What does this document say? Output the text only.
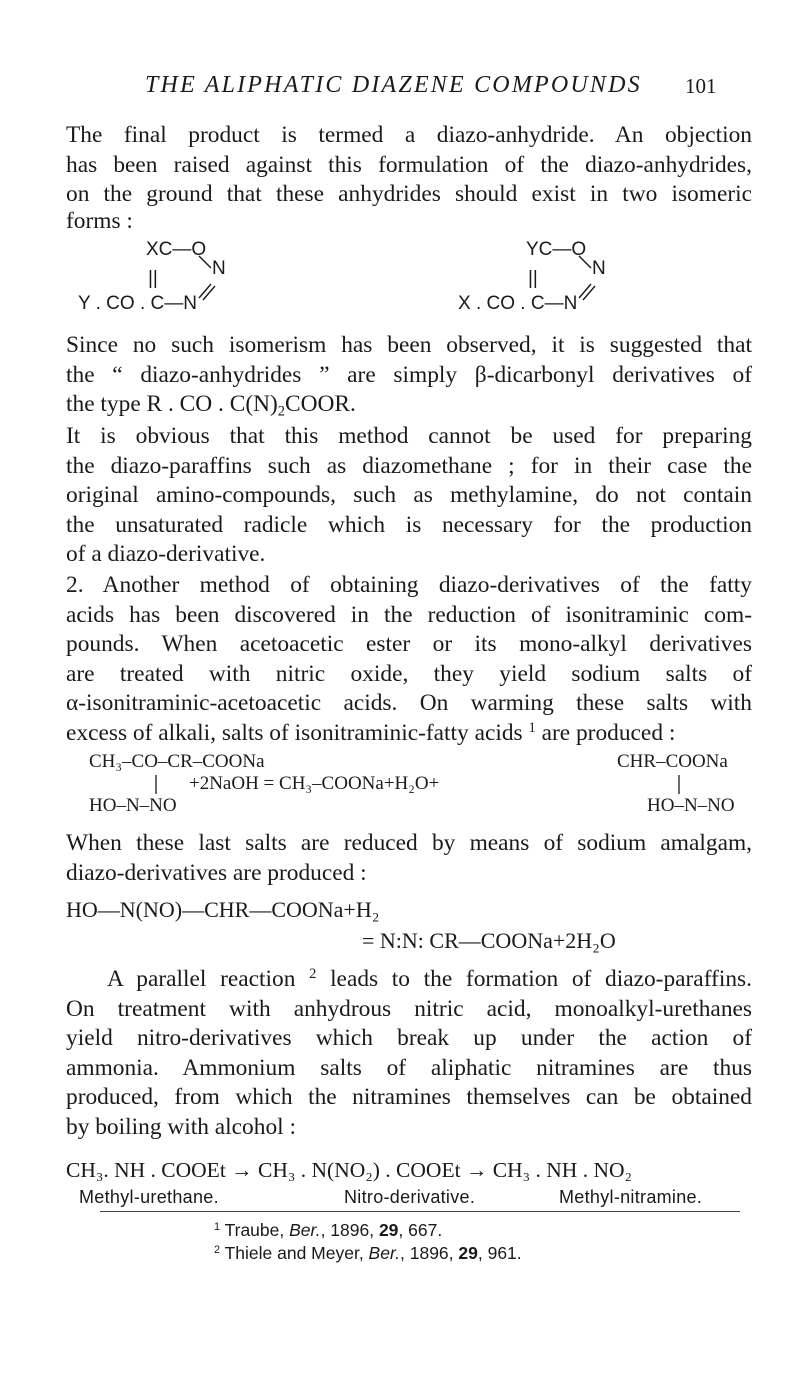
THE ALIPHATIC DIAZENE COMPOUNDS 101
The final product is termed a diazo-anhydride. An objection
has been raised against this formulation of the diazo-anhydrides,
on the ground that these anhydrides should exist in two isomeric
forms :
XC—O
||	N
Y . CO . C—N
YC—O
||	N
X . CO . C—N
Since no such isomerism has been observed, it is suggested that
the “ diazo-anhydrides ” are simply β-dicarbonyl derivatives of
the type R . CO . $C(N)_2COOR$.
It is obvious that this method cannot be used for preparing
the diazo-paraffins such as diazomethane ; for in their case the
original amino-compounds, such as methylamine, do not contain
the unsaturated radicle which is necessary for the production
of a diazo-derivative.
2. Another method of obtaining diazo-derivatives of the fatty
acids has been discovered in the reduction of isonitraminic com-
pounds. When acetoacetic ester or its mono-alkyl derivatives
are treated with nitric oxide, they yield sodium salts of
α-isonitraminic-acetoacetic acids. On warming these salts with
excess of alkali, salts of isonitraminic-fatty acids $^1$ are produced :
CH₃–CO–CR–COONa
+2NaOH = CH₃–COONa+H₂O+
HO–N–NO
CHR–COONa
HO–N–NO
When these last salts are reduced by means of sodium amalgam,
diazo-derivatives are produced :
HO—N(NO)—CHR—COONa+H₂
= N:N: CR—COONa+2H₂O
A parallel reaction $^2$ leads to the formation of diazo-paraffins.
On treatment with anhydrous nitric acid, monoalkyl-urethanes
yield nitro-derivatives which break up under the action of
ammonia. Ammonium salts of aliphatic nitramines are thus
produced, from which the nitramines themselves can be obtained
by boiling with alcohol :
CH₃. NH . COOEt → CH₃ . N(NO₂) . COOEt → CH₃ . NH . NO₂
Methyl-urethane.	Nitro-derivative.	Methyl-nitramine.
$^1$ Traube, Ber., 1896, 29, 667.
$^2$ Thiele and Meyer, Ber., 1896, 29, 961.
